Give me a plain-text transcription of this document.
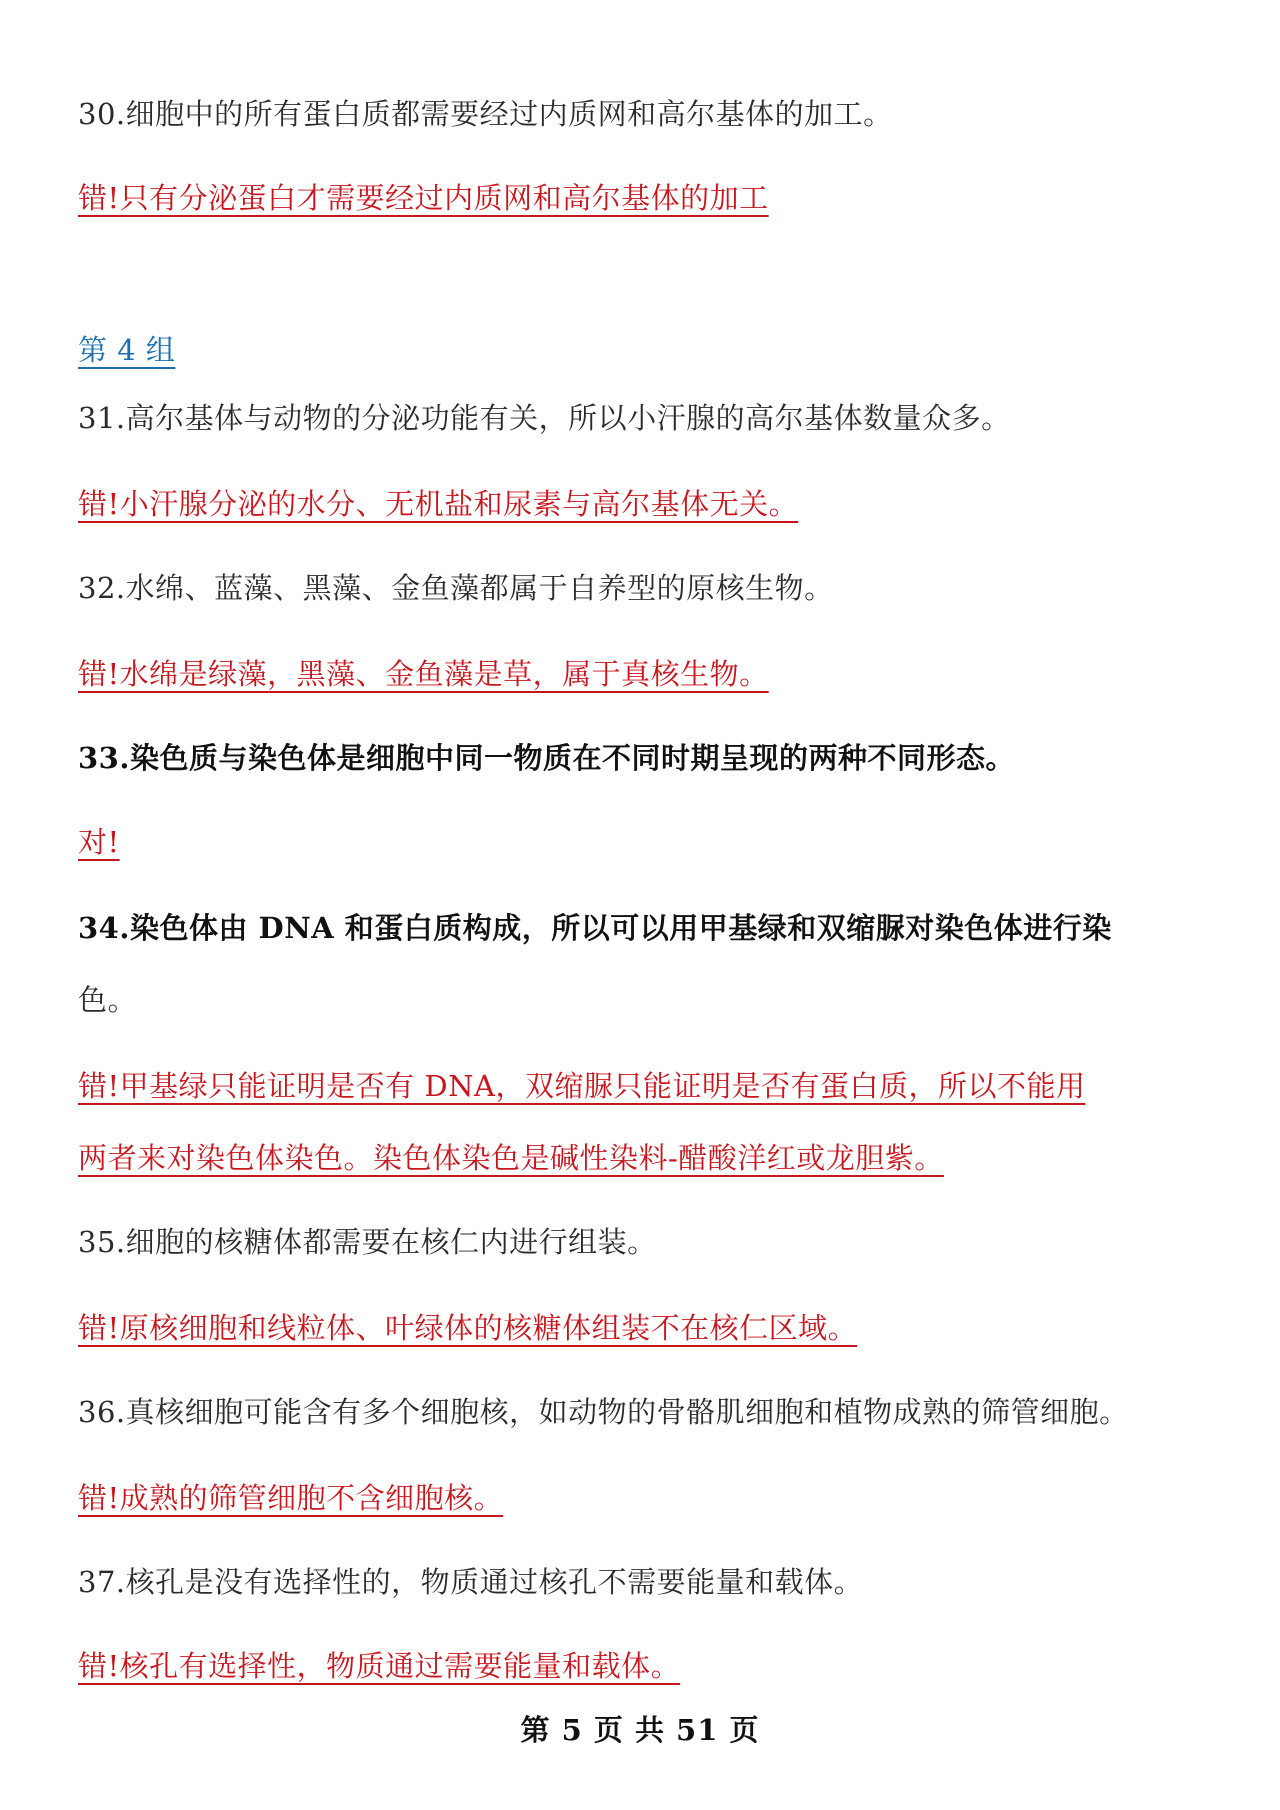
30.细胞中的所有蛋白质都需要经过内质网和高尔基体的加工。
错!只有分泌蛋白才需要经过内质网和高尔基体的加工
第 4 组
31.高尔基体与动物的分泌功能有关，所以小汗腺的高尔基体数量众多。
错!小汗腺分泌的水分、无机盐和尿素与高尔基体无关。
32.水绵、蓝藻、黑藻、金鱼藻都属于自养型的原核生物。
错!水绵是绿藻，黑藻、金鱼藻是草，属于真核生物。
33.染色质与染色体是细胞中同一物质在不同时期呈现的两种不同形态。
对!
34.染色体由 DNA 和蛋白质构成，所以可以用甲基绿和双缩脲对染色体进行染
色。
错!甲基绿只能证明是否有 DNA，双缩脲只能证明是否有蛋白质，所以不能用
两者来对染色体染色。染色体染色是碱性染料-醋酸洋红或龙胆紫。
35.细胞的核糖体都需要在核仁内进行组装。
错!原核细胞和线粒体、叶绿体的核糖体组装不在核仁区域。
36.真核细胞可能含有多个细胞核，如动物的骨骼肌细胞和植物成熟的筛管细胞。
错!成熟的筛管细胞不含细胞核。
37.核孔是没有选择性的，物质通过核孔不需要能量和载体。
错!核孔有选择性，物质通过需要能量和载体。
第 5 页 共 51 页
